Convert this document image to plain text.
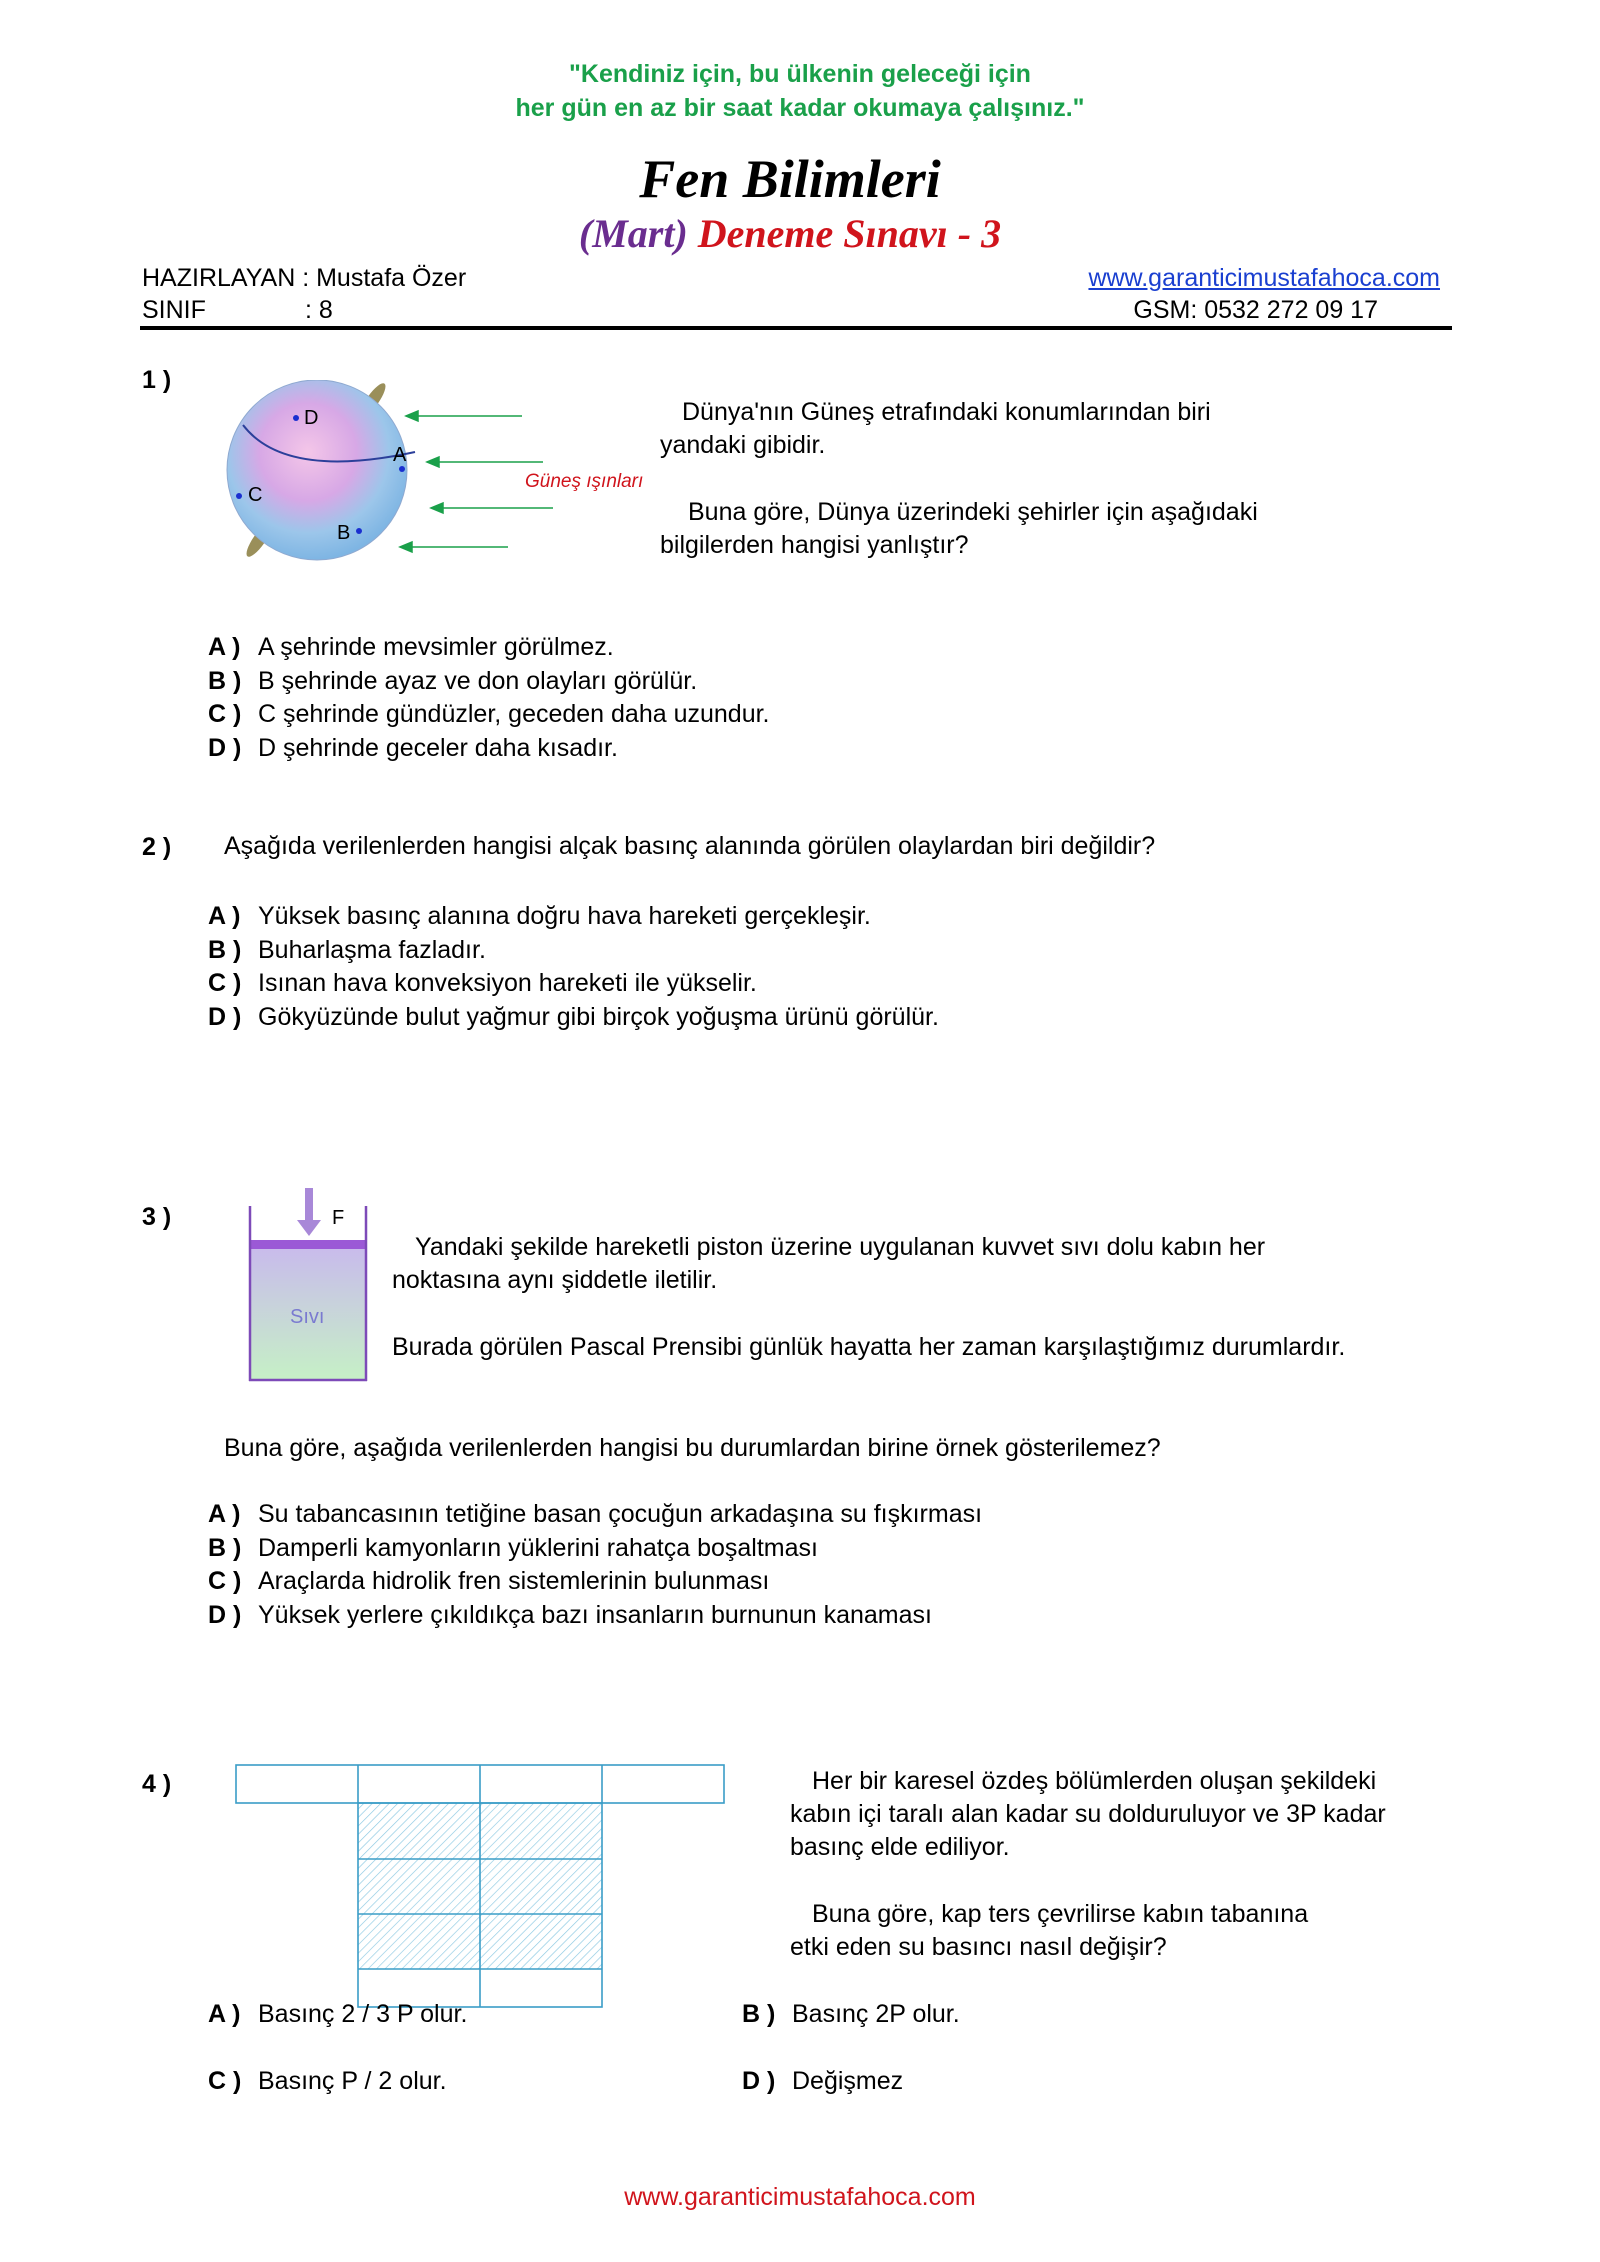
"Kendiniz için, bu ülkenin geleceği için
her gün en az bir saat kadar okumaya çalışınız."
Fen Bilimleri
(Mart) Deneme Sınavı - 3
HAZIRLAYAN : Mustafa Özer
SINIF	: 8
www.garanticimustafahoca.com
GSM: 0532 272 09 17
1 )
D
A
C
B
Güneş ışınları
Dünya'nın Güneş etrafındaki konumlarından biri
yandaki gibidir.
Buna göre, Dünya üzerindeki şehirler için aşağıdaki
bilgilerden hangisi yanlıştır?
A ) A şehrinde mevsimler görülmez.
B ) B şehrinde ayaz ve don olayları görülür.
C ) C şehrinde gündüzler, geceden daha uzundur.
D ) D şehrinde geceler daha kısadır.
2 ) Aşağıda verilenlerden hangisi alçak basınç alanında görülen olaylardan biri değildir?
A ) Yüksek basınç alanına doğru hava hareketi gerçekleşir.
B ) Buharlaşma fazladır.
C ) Isınan hava konveksiyon hareketi ile yükselir.
D ) Gökyüzünde bulut yağmur gibi birçok yoğuşma ürünü görülür.
3 )	F
Sıvı
Yandaki şekilde hareketli piston üzerine uygulanan kuvvet sıvı dolu kabın her
noktasına aynı şiddetle iletilir.
Burada görülen Pascal Prensibi günlük hayatta her zaman karşılaştığımız durumlardır.
Buna göre, aşağıda verilenlerden hangisi bu durumlardan birine örnek gösterilemez?
A ) Su tabancasının tetiğine basan çocuğun arkadaşına su fışkırması
B ) Damperli kamyonların yüklerini rahatça boşaltması
C ) Araçlarda hidrolik fren sistemlerinin bulunması
D ) Yüksek yerlere çıkıldıkça bazı insanların burnunun kanaması
4 )	Her bir karesel özdeş bölümlerden oluşan şekildeki
kabın içi taralı alan kadar su dolduruluyor ve 3P kadar
basınç elde ediliyor.
Buna göre, kap ters çevrilirse kabın tabanına
etki eden su basıncı nasıl değişir?
A ) Basınç 2 / 3 P olur.	B ) Basınç 2P olur.
C ) Basınç P / 2 olur.	D ) Değişmez
www.garanticimustafahoca.com
